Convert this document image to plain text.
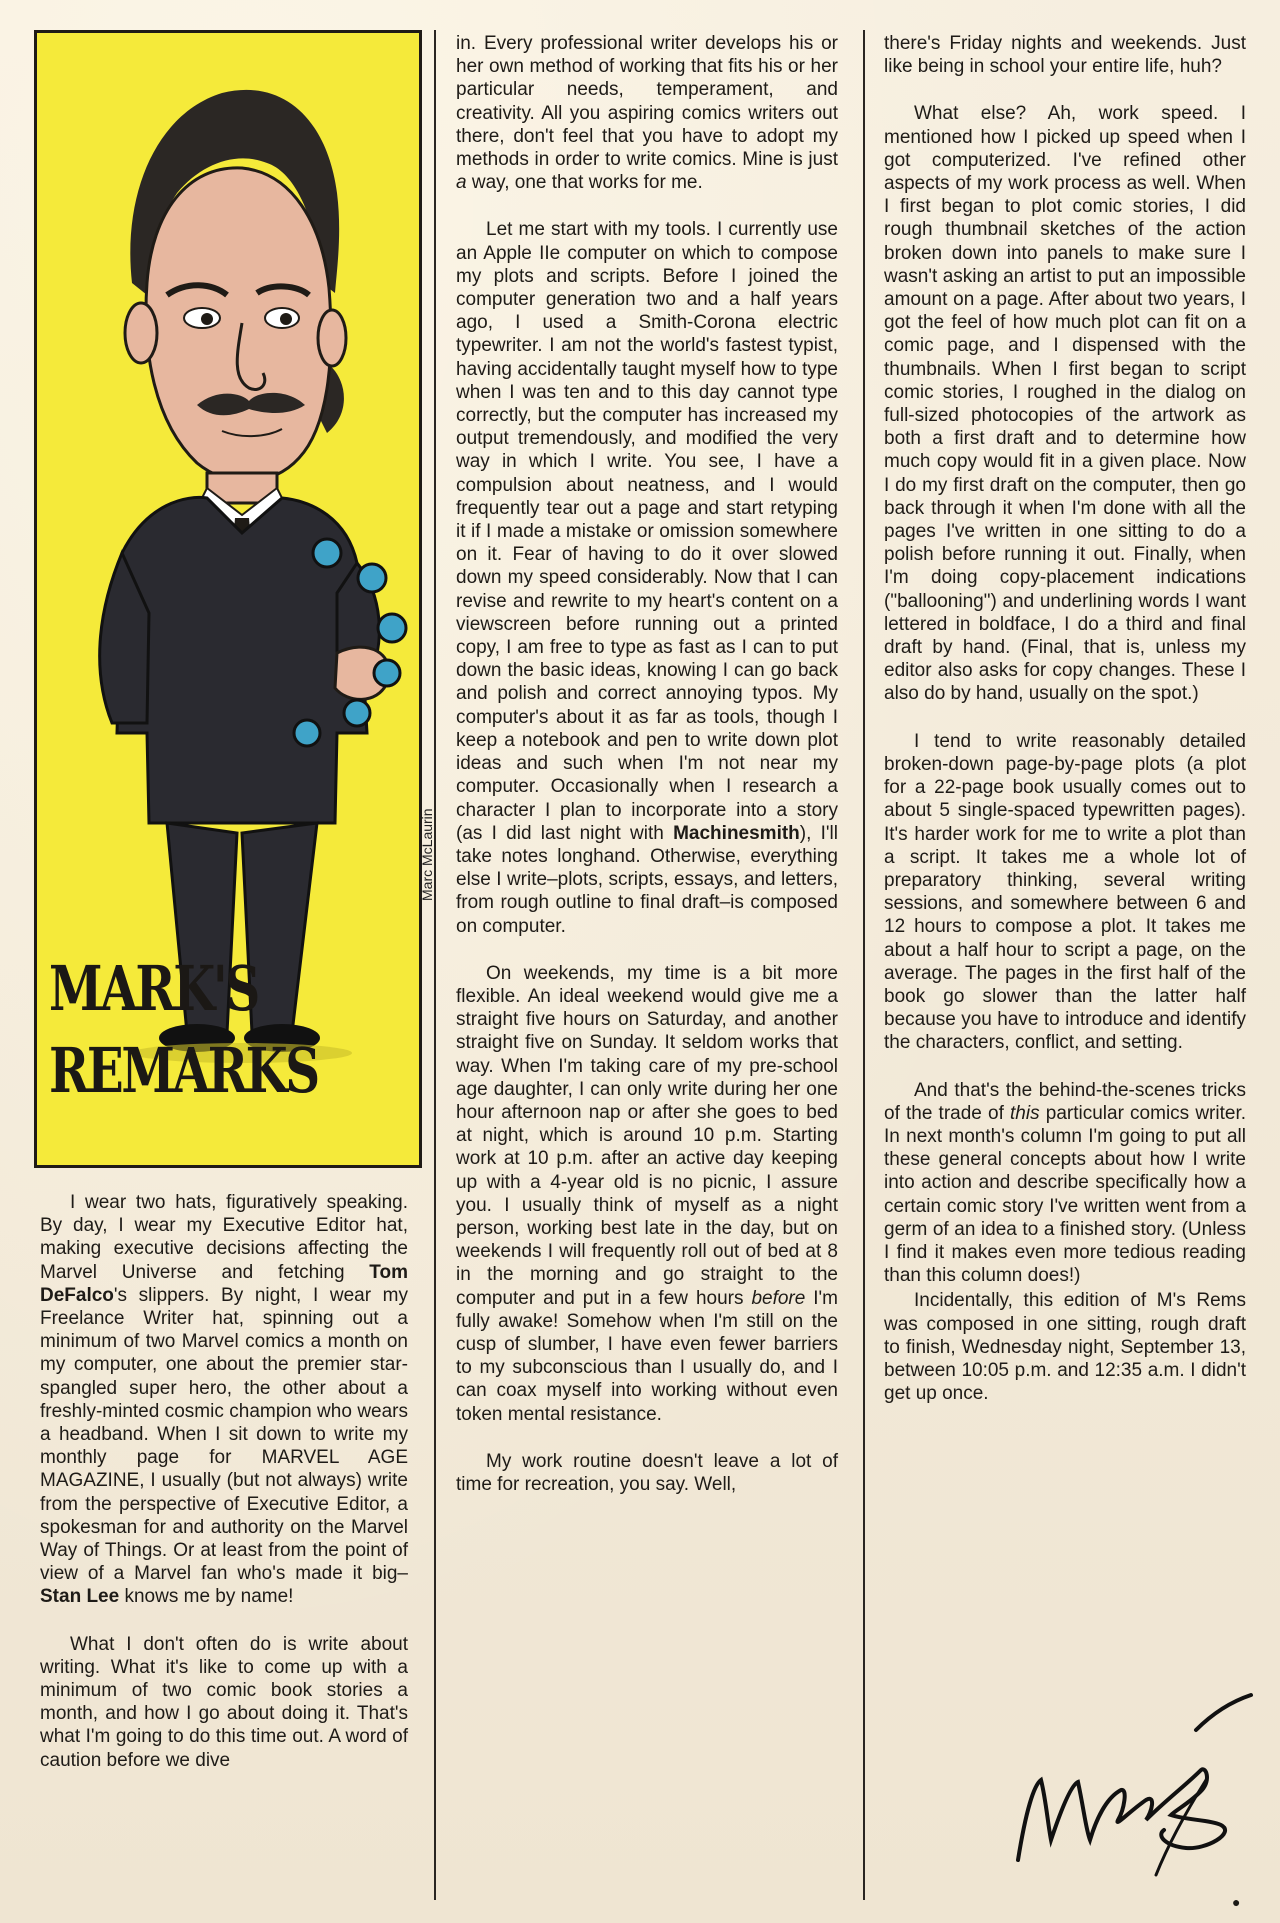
Marc McLaurin
MARK'S
REMARKS

I wear two hats, figuratively speaking. By day, I wear my Executive Editor hat, making executive decisions affecting the Marvel Universe and fetching Tom DeFalco's slippers. By night, I wear my Freelance Writer hat, spinning out a minimum of two Marvel comics a month on my computer, one about the premier star-spangled super hero, the other about a freshly-minted cosmic champion who wears a headband. When I sit down to write my monthly page for MARVEL AGE MAGAZINE, I usually (but not always) write from the perspective of Executive Editor, a spokesman for and authority on the Marvel Way of Things. Or at least from the point of view of a Marvel fan who's made it big–Stan Lee knows me by name!

What I don't often do is write about writing. What it's like to come up with a minimum of two comic book stories a month, and how I go about doing it. That's what I'm going to do this time out. A word of caution before we dive

in. Every professional writer develops his or her own method of working that fits his or her particular needs, temperament, and creativity. All you aspiring comics writers out there, don't feel that you have to adopt my methods in order to write comics. Mine is just a way, one that works for me.

Let me start with my tools. I currently use an Apple IIe computer on which to compose my plots and scripts. Before I joined the computer generation two and a half years ago, I used a Smith-Corona electric typewriter. I am not the world's fastest typist, having accidentally taught myself how to type when I was ten and to this day cannot type correctly, but the computer has increased my output tremendously, and modified the very way in which I write. You see, I have a compulsion about neatness, and I would frequently tear out a page and start retyping it if I made a mistake or omission somewhere on it. Fear of having to do it over slowed down my speed considerably. Now that I can revise and rewrite to my heart's content on a viewscreen before running out a printed copy, I am free to type as fast as I can to put down the basic ideas, knowing I can go back and polish and correct annoying typos. My computer's about it as far as tools, though I keep a notebook and pen to write down plot ideas and such when I'm not near my computer. Occasionally when I research a character I plan to incorporate into a story (as I did last night with Machinesmith), I'll take notes longhand. Otherwise, everything else I write–plots, scripts, essays, and letters, from rough outline to final draft–is composed on computer.

On weekends, my time is a bit more flexible. An ideal weekend would give me a straight five hours on Saturday, and another straight five on Sunday. It seldom works that way. When I'm taking care of my pre-school age daughter, I can only write during her one hour afternoon nap or after she goes to bed at night, which is around 10 p.m. Starting work at 10 p.m. after an active day keeping up with a 4-year old is no picnic, I assure you. I usually think of myself as a night person, working best late in the day, but on weekends I will frequently roll out of bed at 8 in the morning and go straight to the computer and put in a few hours before I'm fully awake! Somehow when I'm still on the cusp of slumber, I have even fewer barriers to my subconscious than I usually do, and I can coax myself into working without even token mental resistance.

My work routine doesn't leave a lot of time for recreation, you say. Well,

there's Friday nights and weekends. Just like being in school your entire life, huh?

What else? Ah, work speed. I mentioned how I picked up speed when I got computerized. I've refined other aspects of my work process as well. When I first began to plot comic stories, I did rough thumbnail sketches of the action broken down into panels to make sure I wasn't asking an artist to put an impossible amount on a page. After about two years, I got the feel of how much plot can fit on a comic page, and I dispensed with the thumbnails. When I first began to script comic stories, I roughed in the dialog on full-sized photocopies of the artwork as both a first draft and to determine how much copy would fit in a given place. Now I do my first draft on the computer, then go back through it when I'm done with all the pages I've written in one sitting to do a polish before running it out. Finally, when I'm doing copy-placement indications ("ballooning") and underlining words I want lettered in boldface, I do a third and final draft by hand. (Final, that is, unless my editor also asks for copy changes. These I also do by hand, usually on the spot.)

I tend to write reasonably detailed broken-down page-by-page plots (a plot for a 22-page book usually comes out to about 5 single-spaced typewritten pages). It's harder work for me to write a plot than a script. It takes me a whole lot of preparatory thinking, several writing sessions, and somewhere between 6 and 12 hours to compose a plot. It takes me about a half hour to script a page, on the average. The pages in the first half of the book go slower than the latter half because you have to introduce and identify the characters, conflict, and setting.

And that's the behind-the-scenes tricks of the trade of this particular comics writer. In next month's column I'm going to put all these general concepts about how I write into action and describe specifically how a certain comic story I've written went from a germ of an idea to a finished story. (Unless I find it makes even more tedious reading than this column does!)

Incidentally, this edition of M's Rems was composed in one sitting, rough draft to finish, Wednesday night, September 13, between 10:05 p.m. and 12:35 a.m. I didn't get up once.

●
